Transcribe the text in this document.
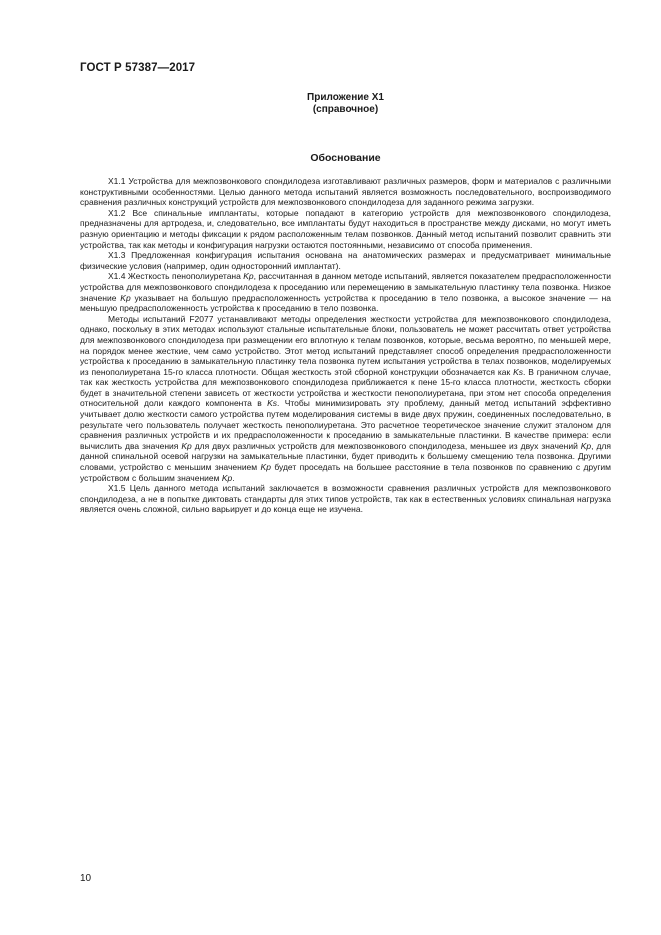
ГОСТ Р 57387—2017
Приложение Х1
(справочное)
Обоснование

Х1.1 Устройства для межпозвонкового спондилодеза изготавливают различных размеров, форм и материалов с различными конструктивными особенностями. Целью данного метода испытаний является возможность последовательного, воспроизводимого сравнения различных конструкций устройств для межпозвонкового спондилодеза для заданного режима загрузки.

Х1.2 Все спинальные имплантаты, которые попадают в категорию устройств для межпозвонкового спондилодеза, предназначены для артродеза, и, следовательно, все имплантаты будут находиться в пространстве между дисками, но могут иметь разную ориентацию и методы фиксации к рядом расположенным телам позвонков. Данный метод испытаний позволит сравнить эти устройства, так как методы и конфигурация нагрузки остаются постоянными, независимо от способа применения.

Х1.3 Предложенная конфигурация испытания основана на анатомических размерах и предусматривает минимальные физические условия (например, один односторонний имплантат).

Х1.4 Жесткость пенополиуретана Kp, рассчитанная в данном методе испытаний, является показателем предрасположенности устройства для межпозвонкового спондилодеза к проседанию или перемещению в замыкательную пластинку тела позвонка. Низкое значение Kp указывает на большую предрасположенность устройства к проседанию в тело позвонка, а высокое значение — на меньшую предрасположенность устройства к проседанию в тело позвонка.

Методы испытаний F2077 устанавливают методы определения жесткости устройства для межпозвонкового спондилодеза, однако, поскольку в этих методах используют стальные испытательные блоки, пользователь не может рассчитать ответ устройства для межпозвонкового спондилодеза при размещении его вплотную к телам позвонков, которые, весьма вероятно, по меньшей мере, на порядок менее жесткие, чем само устройство. Этот метод испытаний представляет способ определения предрасположенности устройства к проседанию в замыкательную пластинку тела позвонка путем испытания устройства в телах позвонков, моделируемых из пенополиуретана 15-го класса плотности. Общая жесткость этой сборной конструкции обозначается как Ks. В граничном случае, так как жесткость устройства для межпозвонкового спондилодеза приближается к пене 15-го класса плотности, жесткость сборки будет в значительной степени зависеть от жесткости устройства и жесткости пенополиуретана, при этом нет способа определения относительной доли каждого компонента в Ks. Чтобы минимизировать эту проблему, данный метод испытаний эффективно учитывает долю жесткости самого устройства путем моделирования системы в виде двух пружин, соединенных последовательно, в результате чего пользователь получает жесткость пенополиуретана. Это расчетное теоретическое значение служит эталоном для сравнения различных устройств и их предрасположенности к проседанию в замыкательные пластинки. В качестве примера: если вычислить два значения Kp для двух различных устройств для межпозвонкового спондилодеза, меньшее из двух значений Kp, для данной спинальной осевой нагрузки на замыкательные пластинки, будет приводить к большему смещению тела позвонка. Другими словами, устройство с меньшим значением Kp будет проседать на большее расстояние в тела позвонков по сравнению с другим устройством с большим значением Kp.

Х1.5 Цель данного метода испытаний заключается в возможности сравнения различных устройств для межпозвонкового спондилодеза, а не в попытке диктовать стандарты для этих типов устройств, так как в естественных условиях спинальная нагрузка является очень сложной, сильно варьирует и до конца еще не изучена.

10
